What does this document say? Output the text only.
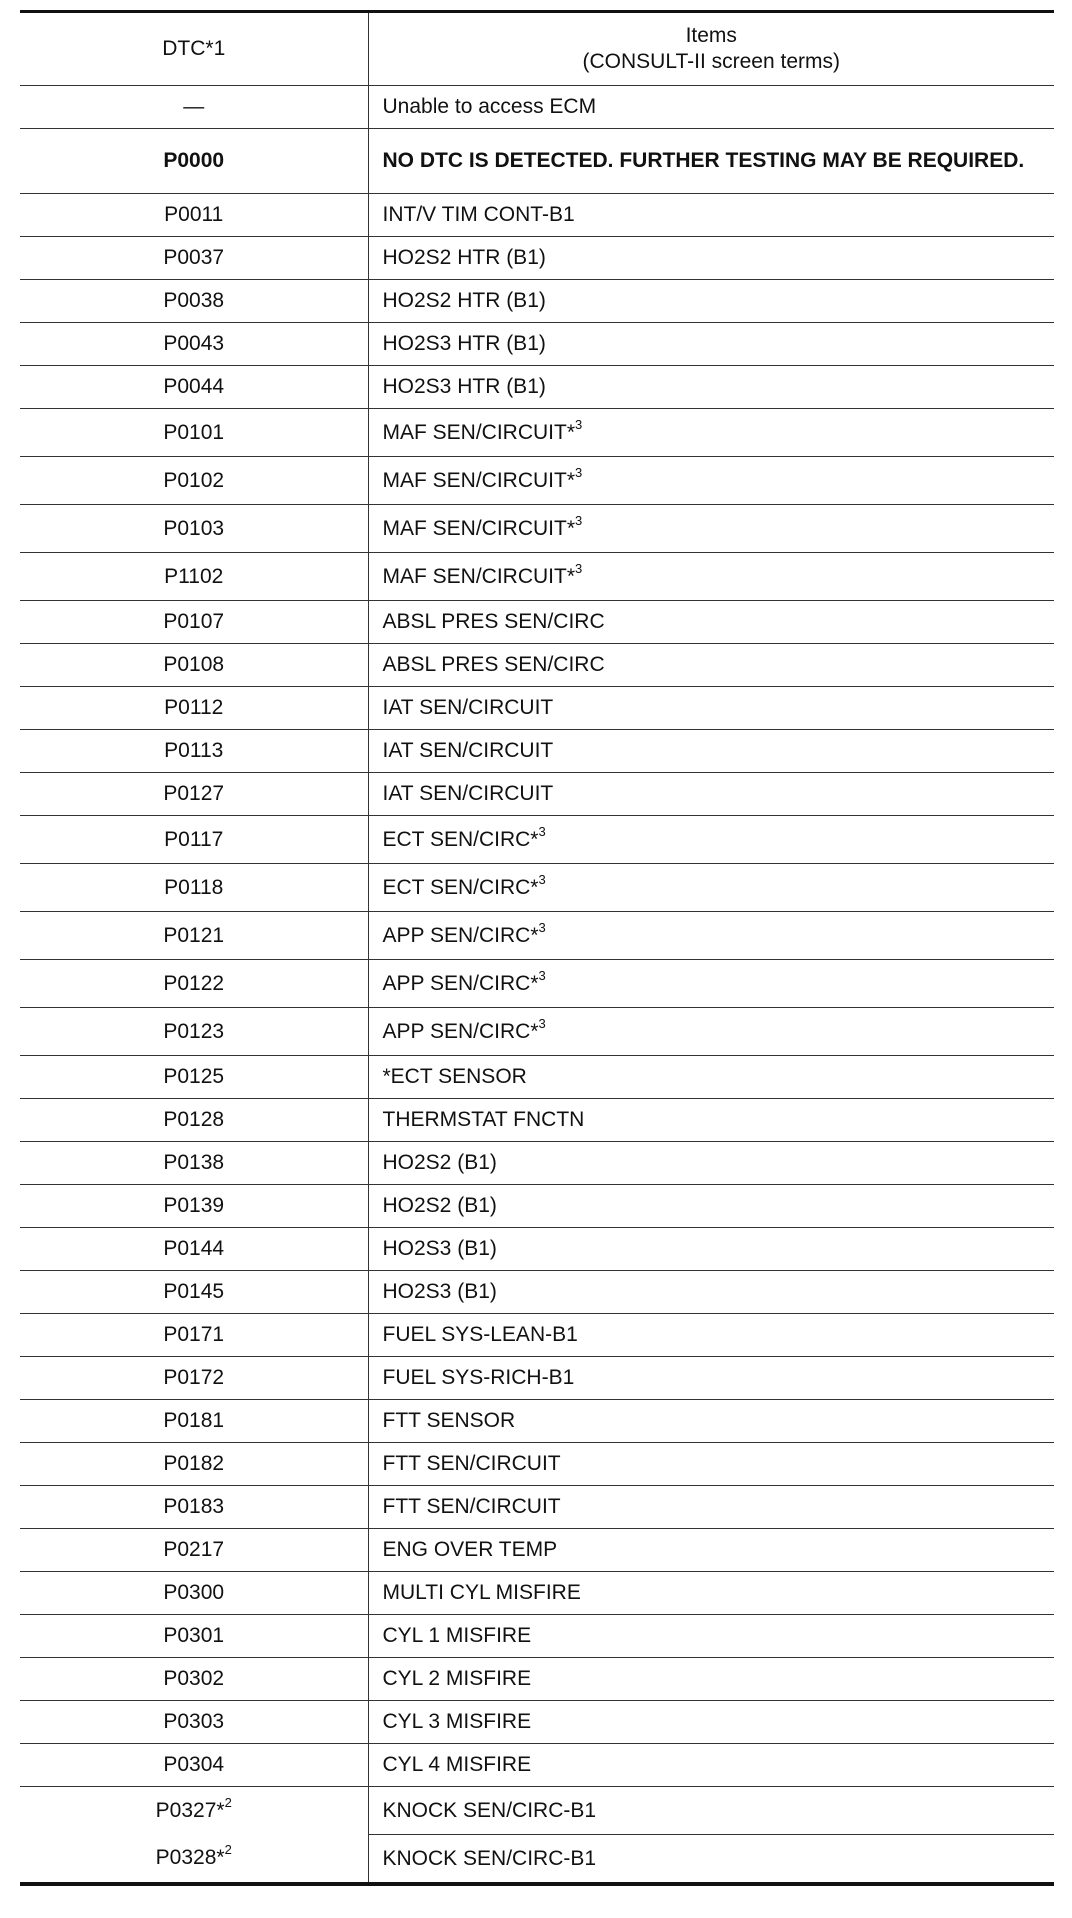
DTC*1	Items
(CONSULT-II screen terms)

—	Unable to access ECM
P0000	NO DTC IS DETECTED. FURTHER TESTING MAY BE REQUIRED.
P0011	INT/V TIM CONT-B1
P0037	HO2S2 HTR (B1)
P0038	HO2S2 HTR (B1)
P0043	HO2S3 HTR (B1)
P0044	HO2S3 HTR (B1)
P0101	MAF SEN/CIRCUIT*$^3$
P0102	MAF SEN/CIRCUIT*$^3$
P0103	MAF SEN/CIRCUIT*$^3$
P1102	MAF SEN/CIRCUIT*$^3$
P0107	ABSL PRES SEN/CIRC
P0108	ABSL PRES SEN/CIRC
P0112	IAT SEN/CIRCUIT
P0113	IAT SEN/CIRCUIT
P0127	IAT SEN/CIRCUIT
P0117	ECT SEN/CIRC*$^3$
P0118	ECT SEN/CIRC*$^3$
P0121	APP SEN/CIRC*$^3$
P0122	APP SEN/CIRC*$^3$
P0123	APP SEN/CIRC*$^3$
P0125	*ECT SENSOR
P0128	THERMSTAT FNCTN
P0138	HO2S2 (B1)
P0139	HO2S2 (B1)
P0144	HO2S3 (B1)
P0145	HO2S3 (B1)
P0171	FUEL SYS-LEAN-B1
P0172	FUEL SYS-RICH-B1
P0181	FTT SENSOR
P0182	FTT SEN/CIRCUIT
P0183	FTT SEN/CIRCUIT
P0217	ENG OVER TEMP
P0300	MULTI CYL MISFIRE
P0301	CYL 1 MISFIRE
P0302	CYL 2 MISFIRE
P0303	CYL 3 MISFIRE
P0304	CYL 4 MISFIRE
P0327*$^2$	KNOCK SEN/CIRC-B1
P0328*$^2$	KNOCK SEN/CIRC-B1
